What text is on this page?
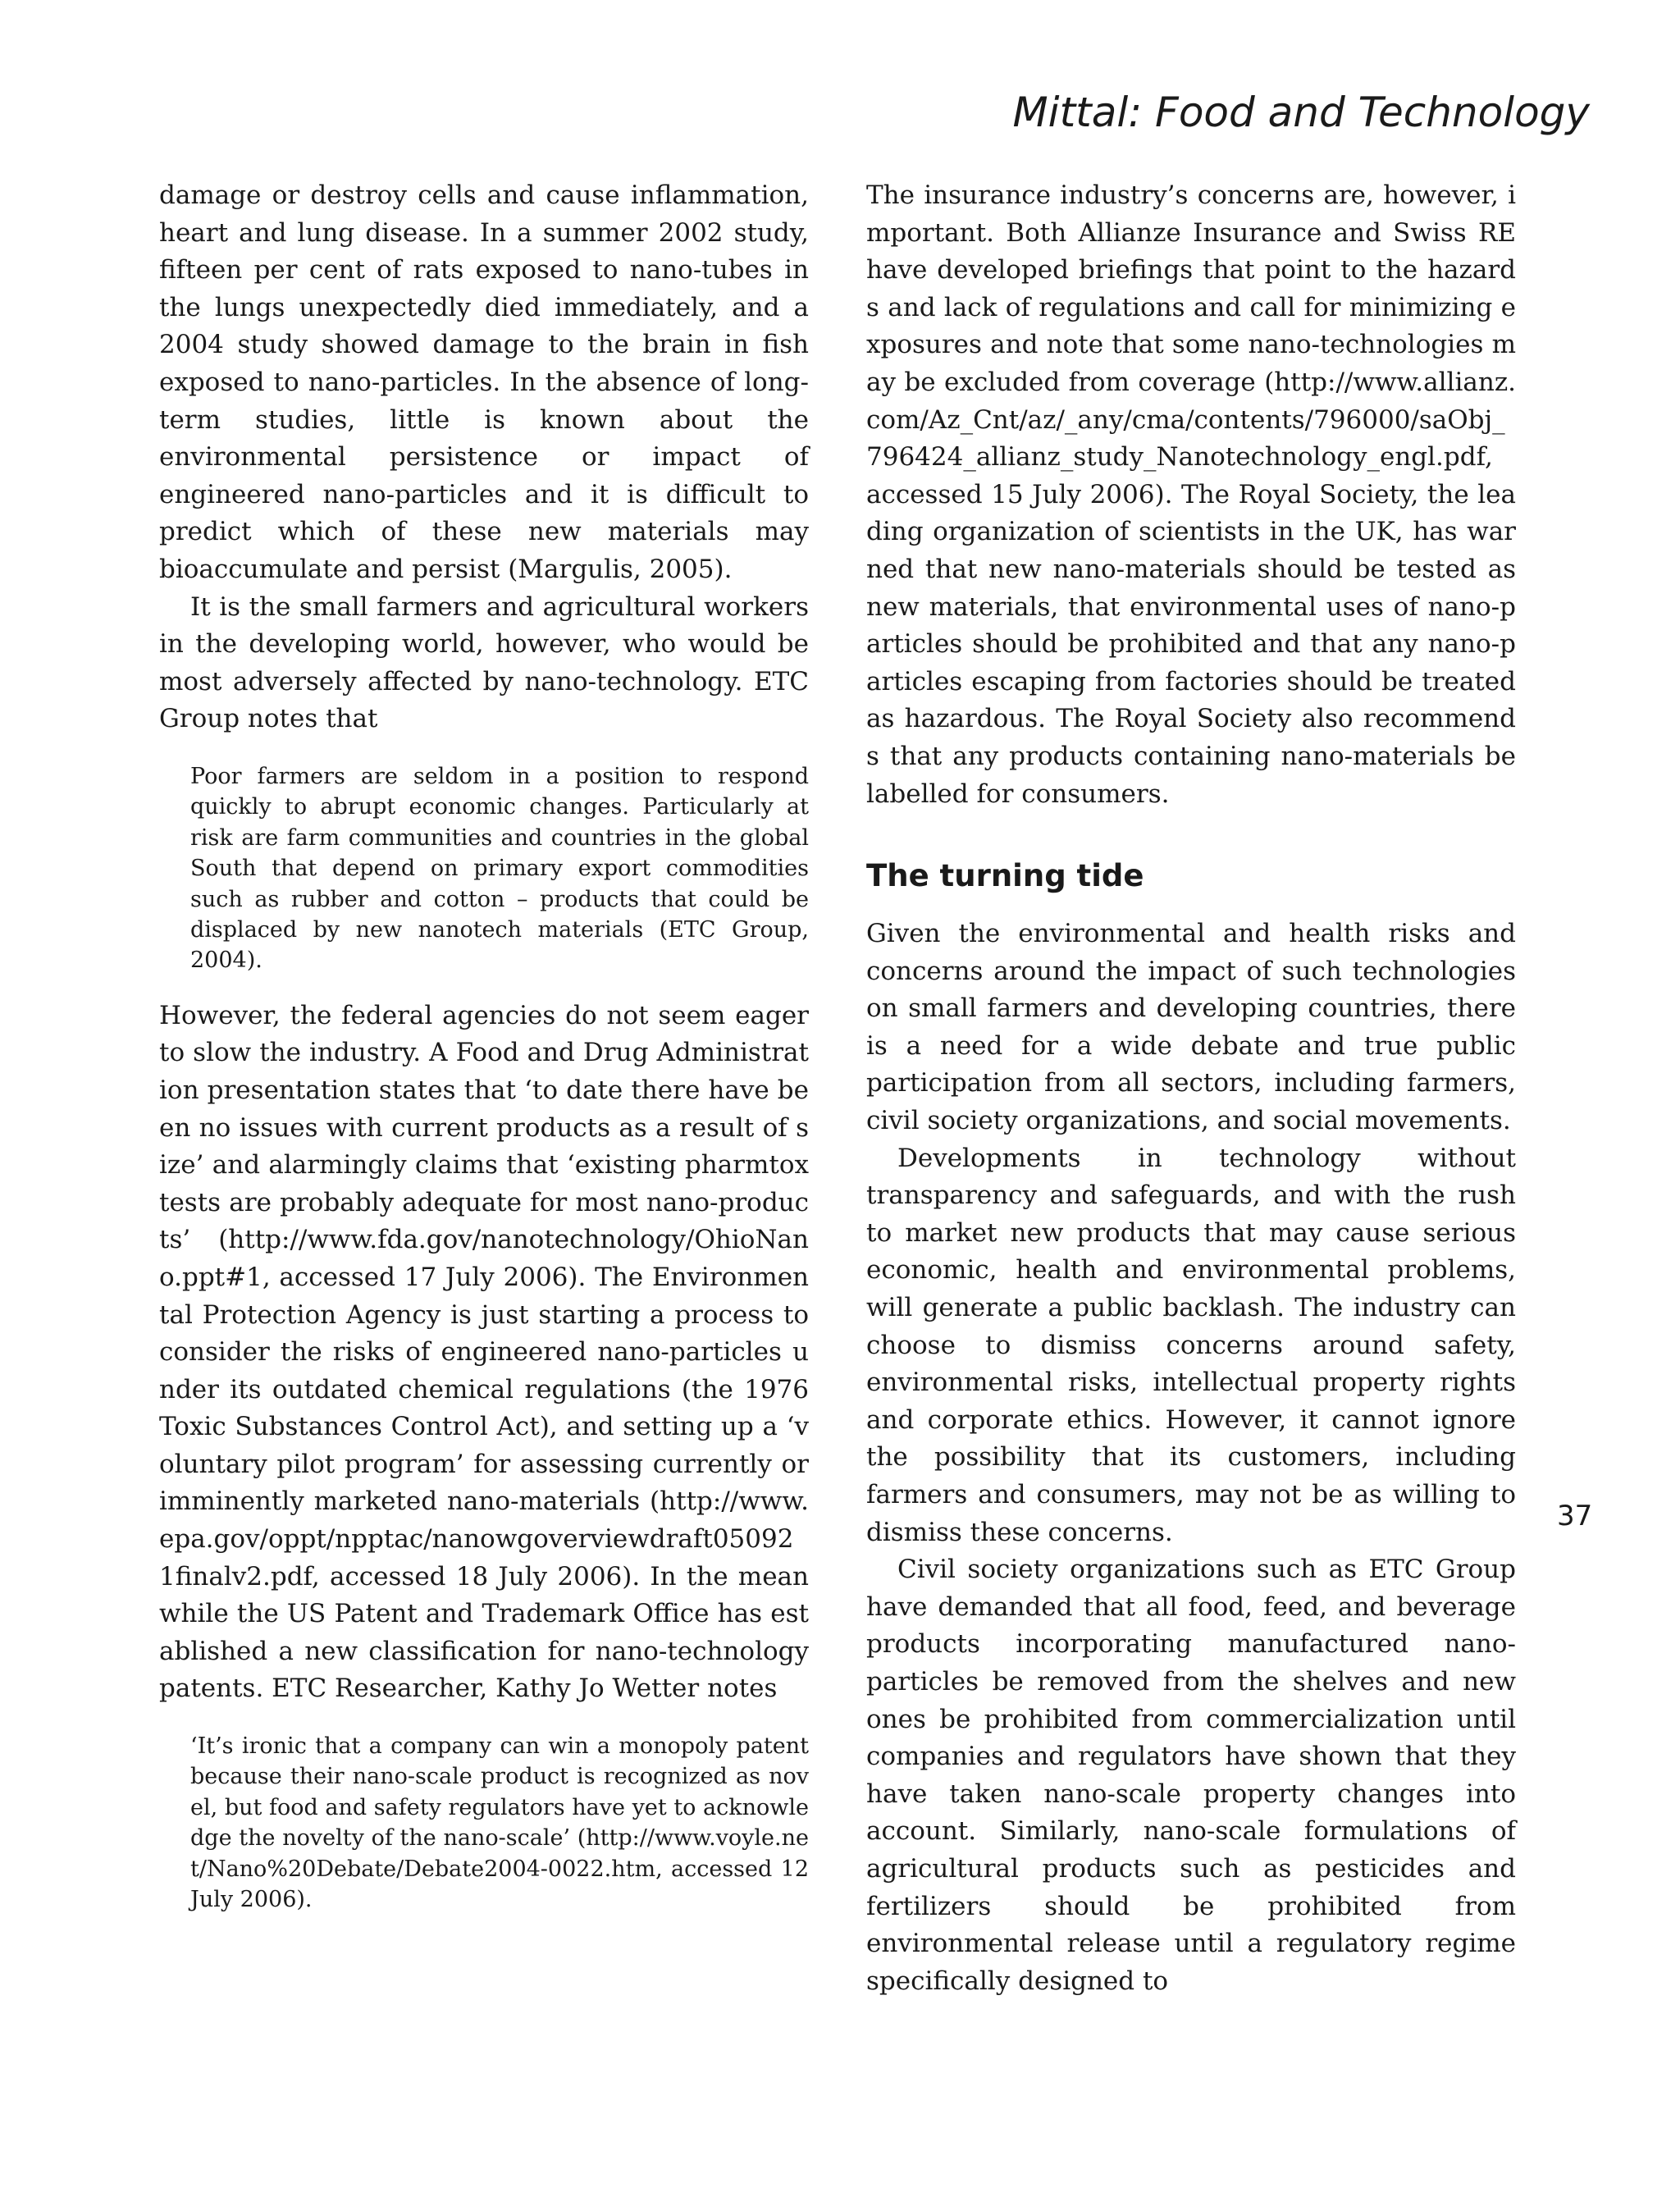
Mittal: Food and Technology

damage or destroy cells and cause inflammation, heart and lung disease. In a summer 2002 study, fifteen per cent of rats exposed to nano-tubes in the lungs unexpectedly died immediately, and a 2004 study showed damage to the brain in fish exposed to nano-particles. In the absence of long-term studies, little is known about the environmental persistence or impact of engineered nano-particles and it is difficult to predict which of these new materials may bioaccumulate and persist (Margulis, 2005).

It is the small farmers and agricultural workers in the developing world, however, who would be most adversely affected by nano-technology. ETC Group notes that

Poor farmers are seldom in a position to respond quickly to abrupt economic changes. Particularly at risk are farm communities and countries in the global South that depend on primary export commodities such as rubber and cotton – products that could be displaced by new nanotech materials (ETC Group, 2004).

However, the federal agencies do not seem eager to slow the industry. A Food and Drug Administration presentation states that ‘to date there have been no issues with current products as a result of size’ and alarmingly claims that ‘existing pharmtox tests are probably adequate for most nano-products’ (http://www.fda.gov/nanotechnology/OhioNano.ppt#1, accessed 17 July 2006). The Environmental Protection Agency is just starting a process to consider the risks of engineered nano-particles under its outdated chemical regulations (the 1976 Toxic Substances Control Act), and setting up a ‘voluntary pilot program’ for assessing currently or imminently marketed nano-materials (http://www.epa.gov/oppt/npptac/nanowgoverviewdraft050921finalv2.pdf, accessed 18 July 2006). In the meanwhile the US Patent and Trademark Office has established a new classification for nano-technology patents. ETC Researcher, Kathy Jo Wetter notes

‘It’s ironic that a company can win a monopoly patent because their nano-scale product is recognized as novel, but food and safety regulators have yet to acknowledge the novelty of the nano-scale’ (http://www.voyle.net/Nano%20Debate/Debate2004-0022.htm, accessed 12 July 2006).

The insurance industry’s concerns are, however, important. Both Allianze Insurance and Swiss RE have developed briefings that point to the hazards and lack of regulations and call for minimizing exposures and note that some nano-technologies may be excluded from coverage (http://www.allianz.com/Az_Cnt/az/_any/cma/contents/796000/saObj_796424_allianz_study_Nanotechnology_engl.pdf, accessed 15 July 2006). The Royal Society, the leading organization of scientists in the UK, has warned that new nano-materials should be tested as new materials, that environmental uses of nano-particles should be prohibited and that any nano-particles escaping from factories should be treated as hazardous. The Royal Society also recommends that any products containing nano-materials be labelled for consumers.

The turning tide

Given the environmental and health risks and concerns around the impact of such technologies on small farmers and developing countries, there is a need for a wide debate and true public participation from all sectors, including farmers, civil society organizations, and social movements.

Developments in technology without transparency and safeguards, and with the rush to market new products that may cause serious economic, health and environmental problems, will generate a public backlash. The industry can choose to dismiss concerns around safety, environmental risks, intellectual property rights and corporate ethics. However, it cannot ignore the possibility that its customers, including farmers and consumers, may not be as willing to dismiss these concerns.

Civil society organizations such as ETC Group have demanded that all food, feed, and beverage products incorporating manufactured nano-particles be removed from the shelves and new ones be prohibited from commercialization until companies and regulators have shown that they have taken nano-scale property changes into account. Similarly, nano-scale formulations of agricultural products such as pesticides and fertilizers should be prohibited from environmental release until a regulatory regime specifically designed to

37
